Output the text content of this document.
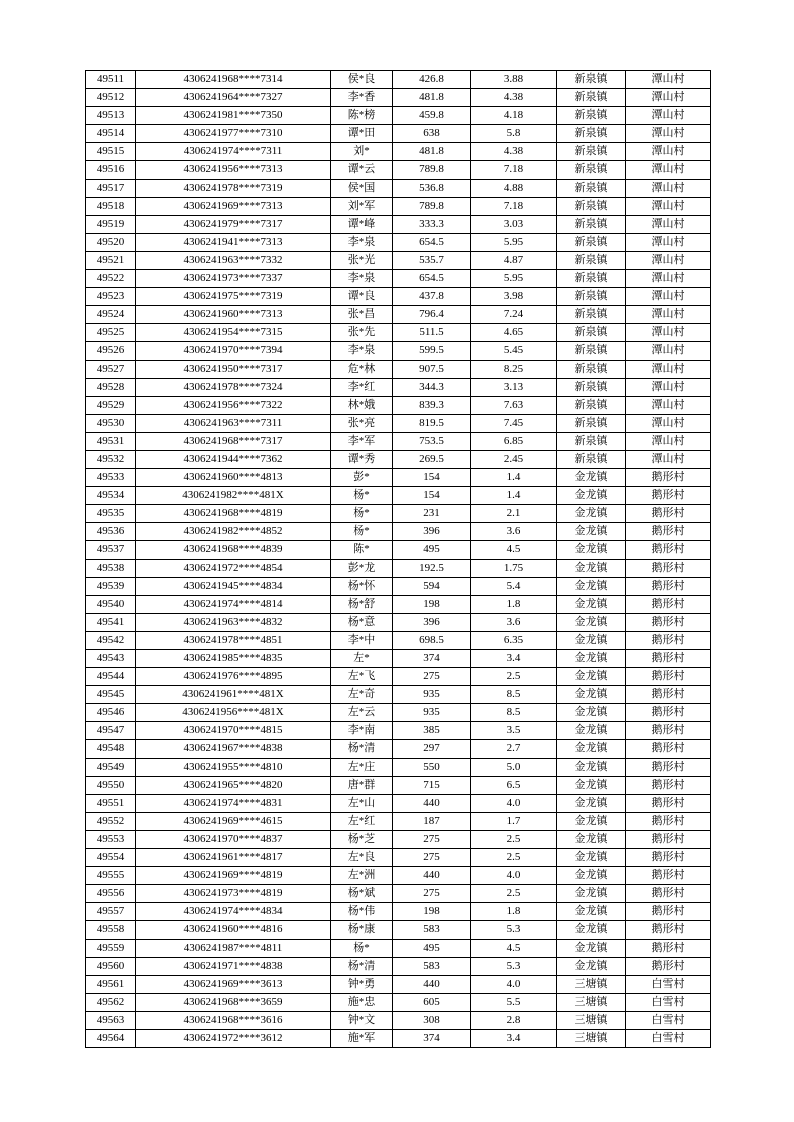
49511	4306241968****7314	侯*良	426.8	3.88	新泉镇	潭山村
49512	4306241964****7327	李*香	481.8	4.38	新泉镇	潭山村
49513	4306241981****7350	陈*榜	459.8	4.18	新泉镇	潭山村
49514	4306241977****7310	谭*田	638	5.8	新泉镇	潭山村
49515	4306241974****7311	刘*	481.8	4.38	新泉镇	潭山村
49516	4306241956****7313	谭*云	789.8	7.18	新泉镇	潭山村
49517	4306241978****7319	侯*国	536.8	4.88	新泉镇	潭山村
49518	4306241969****7313	刘*军	789.8	7.18	新泉镇	潭山村
49519	4306241979****7317	谭*峰	333.3	3.03	新泉镇	潭山村
49520	4306241941****7313	李*泉	654.5	5.95	新泉镇	潭山村
49521	4306241963****7332	张*光	535.7	4.87	新泉镇	潭山村
49522	4306241973****7337	李*泉	654.5	5.95	新泉镇	潭山村
49523	4306241975****7319	谭*良	437.8	3.98	新泉镇	潭山村
49524	4306241960****7313	张*昌	796.4	7.24	新泉镇	潭山村
49525	4306241954****7315	张*先	511.5	4.65	新泉镇	潭山村
49526	4306241970****7394	李*泉	599.5	5.45	新泉镇	潭山村
49527	4306241950****7317	危*林	907.5	8.25	新泉镇	潭山村
49528	4306241978****7324	李*红	344.3	3.13	新泉镇	潭山村
49529	4306241956****7322	林*娥	839.3	7.63	新泉镇	潭山村
49530	4306241963****7311	张*亮	819.5	7.45	新泉镇	潭山村
49531	4306241968****7317	李*军	753.5	6.85	新泉镇	潭山村
49532	4306241944****7362	谭*秀	269.5	2.45	新泉镇	潭山村
49533	4306241960****4813	彭*	154	1.4	金龙镇	鹅形村
49534	4306241982****481X	杨*	154	1.4	金龙镇	鹅形村
49535	4306241968****4819	杨*	231	2.1	金龙镇	鹅形村
49536	4306241982****4852	杨*	396	3.6	金龙镇	鹅形村
49537	4306241968****4839	陈*	495	4.5	金龙镇	鹅形村
49538	4306241972****4854	彭*龙	192.5	1.75	金龙镇	鹅形村
49539	4306241945****4834	杨*怀	594	5.4	金龙镇	鹅形村
49540	4306241974****4814	杨*舒	198	1.8	金龙镇	鹅形村
49541	4306241963****4832	杨*意	396	3.6	金龙镇	鹅形村
49542	4306241978****4851	李*中	698.5	6.35	金龙镇	鹅形村
49543	4306241985****4835	左*	374	3.4	金龙镇	鹅形村
49544	4306241976****4895	左*飞	275	2.5	金龙镇	鹅形村
49545	4306241961****481X	左*奇	935	8.5	金龙镇	鹅形村
49546	4306241956****481X	左*云	935	8.5	金龙镇	鹅形村
49547	4306241970****4815	李*南	385	3.5	金龙镇	鹅形村
49548	4306241967****4838	杨*清	297	2.7	金龙镇	鹅形村
49549	4306241955****4810	左*庄	550	5.0	金龙镇	鹅形村
49550	4306241965****4820	唐*群	715	6.5	金龙镇	鹅形村
49551	4306241974****4831	左*山	440	4.0	金龙镇	鹅形村
49552	4306241969****4615	左*红	187	1.7	金龙镇	鹅形村
49553	4306241970****4837	杨*芝	275	2.5	金龙镇	鹅形村
49554	4306241961****4817	左*良	275	2.5	金龙镇	鹅形村
49555	4306241969****4819	左*洲	440	4.0	金龙镇	鹅形村
49556	4306241973****4819	杨*斌	275	2.5	金龙镇	鹅形村
49557	4306241974****4834	杨*伟	198	1.8	金龙镇	鹅形村
49558	4306241960****4816	杨*康	583	5.3	金龙镇	鹅形村
49559	4306241987****4811	杨*	495	4.5	金龙镇	鹅形村
49560	4306241971****4838	杨*清	583	5.3	金龙镇	鹅形村
49561	4306241969****3613	钟*勇	440	4.0	三塘镇	白雪村
49562	4306241968****3659	施*忠	605	5.5	三塘镇	白雪村
49563	4306241968****3616	钟*文	308	2.8	三塘镇	白雪村
49564	4306241972****3612	施*军	374	3.4	三塘镇	白雪村
